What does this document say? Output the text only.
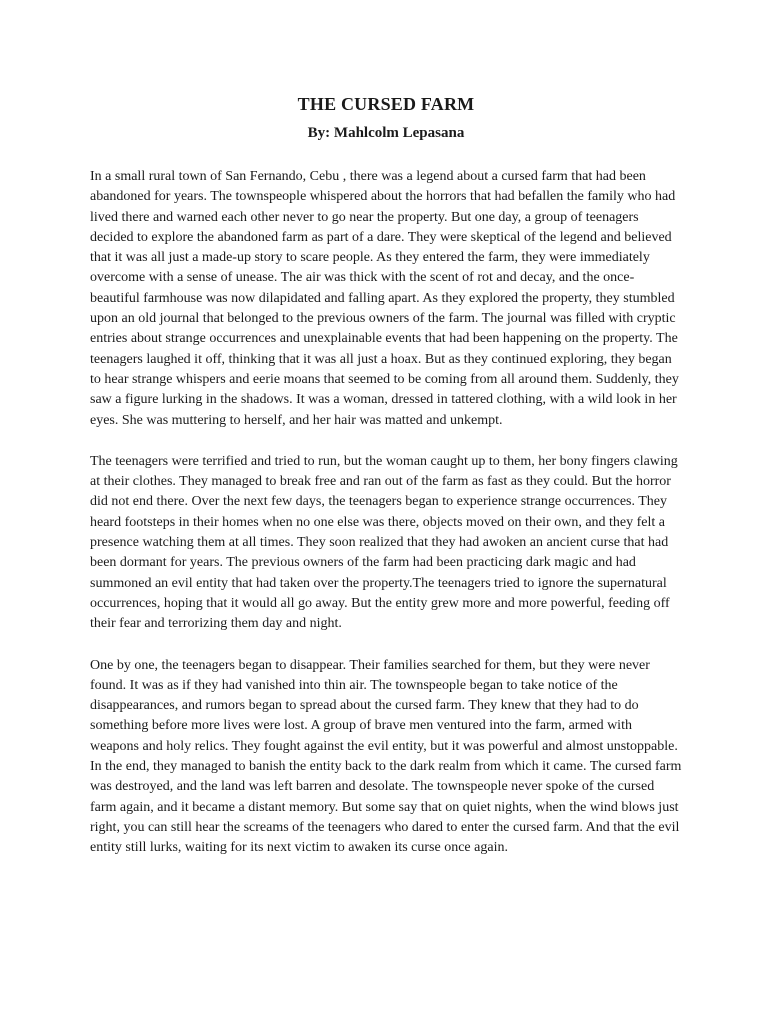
THE CURSED FARM

By: Mahlcolm Lepasana

In a small rural town of San Fernando, Cebu , there was a legend about a cursed farm that had been abandoned for years. The townspeople whispered about the horrors that had befallen the family who had lived there and warned each other never to go near the property. But one day, a group of teenagers decided to explore the abandoned farm as part of a dare. They were skeptical of the legend and believed that it was all just a made-up story to scare people. As they entered the farm, they were immediately overcome with a sense of unease. The air was thick with the scent of rot and decay, and the once-beautiful farmhouse was now dilapidated and falling apart. As they explored the property, they stumbled upon an old journal that belonged to the previous owners of the farm. The journal was filled with cryptic entries about strange occurrences and unexplainable events that had been happening on the property. The teenagers laughed it off, thinking that it was all just a hoax. But as they continued exploring, they began to hear strange whispers and eerie moans that seemed to be coming from all around them. Suddenly, they saw a figure lurking in the shadows. It was a woman, dressed in tattered clothing, with a wild look in her eyes. She was muttering to herself, and her hair was matted and unkempt.

The teenagers were terrified and tried to run, but the woman caught up to them, her bony fingers clawing at their clothes. They managed to break free and ran out of the farm as fast as they could. But the horror did not end there. Over the next few days, the teenagers began to experience strange occurrences. They heard footsteps in their homes when no one else was there, objects moved on their own, and they felt a presence watching them at all times. They soon realized that they had awoken an ancient curse that had been dormant for years. The previous owners of the farm had been practicing dark magic and had summoned an evil entity that had taken over the property.The teenagers tried to ignore the supernatural occurrences, hoping that it would all go away. But the entity grew more and more powerful, feeding off their fear and terrorizing them day and night.

One by one, the teenagers began to disappear. Their families searched for them, but they were never found. It was as if they had vanished into thin air. The townspeople began to take notice of the disappearances, and rumors began to spread about the cursed farm. They knew that they had to do something before more lives were lost. A group of brave men ventured into the farm, armed with weapons and holy relics. They fought against the evil entity, but it was powerful and almost unstoppable. In the end, they managed to banish the entity back to the dark realm from which it came. The cursed farm was destroyed, and the land was left barren and desolate. The townspeople never spoke of the cursed farm again, and it became a distant memory. But some say that on quiet nights, when the wind blows just right, you can still hear the screams of the teenagers who dared to enter the cursed farm. And that the evil entity still lurks, waiting for its next victim to awaken its curse once again.
